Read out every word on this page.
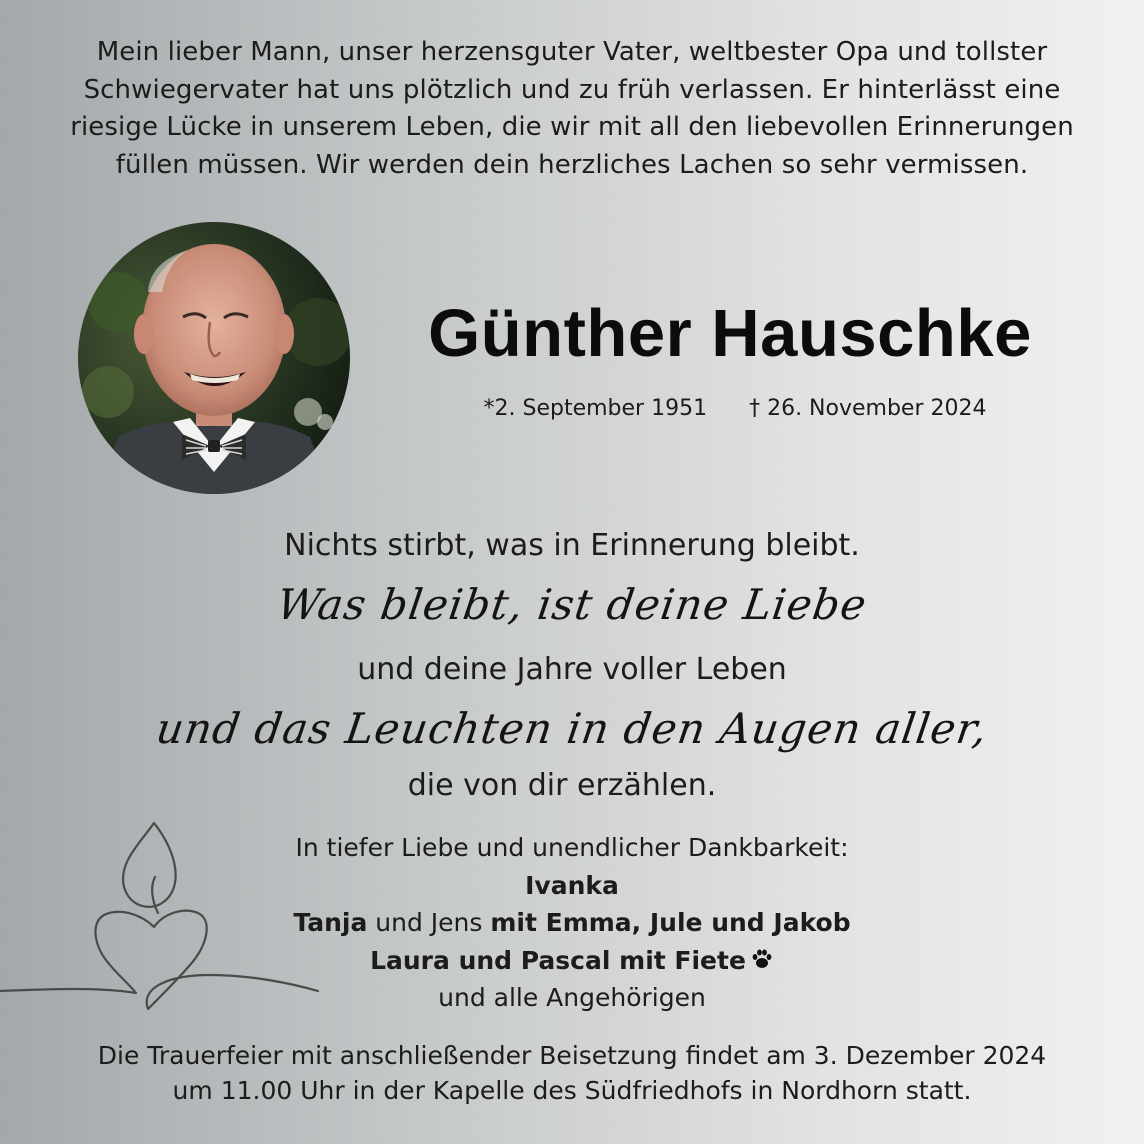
Mein lieber Mann, unser herzensguter Vater, weltbester Opa und tollster
Schwiegervater hat uns plötzlich und zu früh verlassen. Er hinterlässt eine
riesige Lücke in unserem Leben, die wir mit all den liebevollen Erinnerungen
füllen müssen. Wir werden dein herzliches Lachen so sehr vermissen.
Günther Hauschke
*2. September 1951 † 26. November 2024
Nichts stirbt, was in Erinnerung bleibt.
Was bleibt, ist deine Liebe
und deine Jahre voller Leben
und das Leuchten in den Augen aller,
die von dir erzählen.
In tiefer Liebe und unendlicher Dankbarkeit:
Ivanka
Tanja und Jens mit Emma, Jule und Jakob
Laura und Pascal mit Fiete
und alle Angehörigen
Die Trauerfeier mit anschließender Beisetzung findet am 3. Dezember 2024
um 11.00 Uhr in der Kapelle des Südfriedhofs in Nordhorn statt.
